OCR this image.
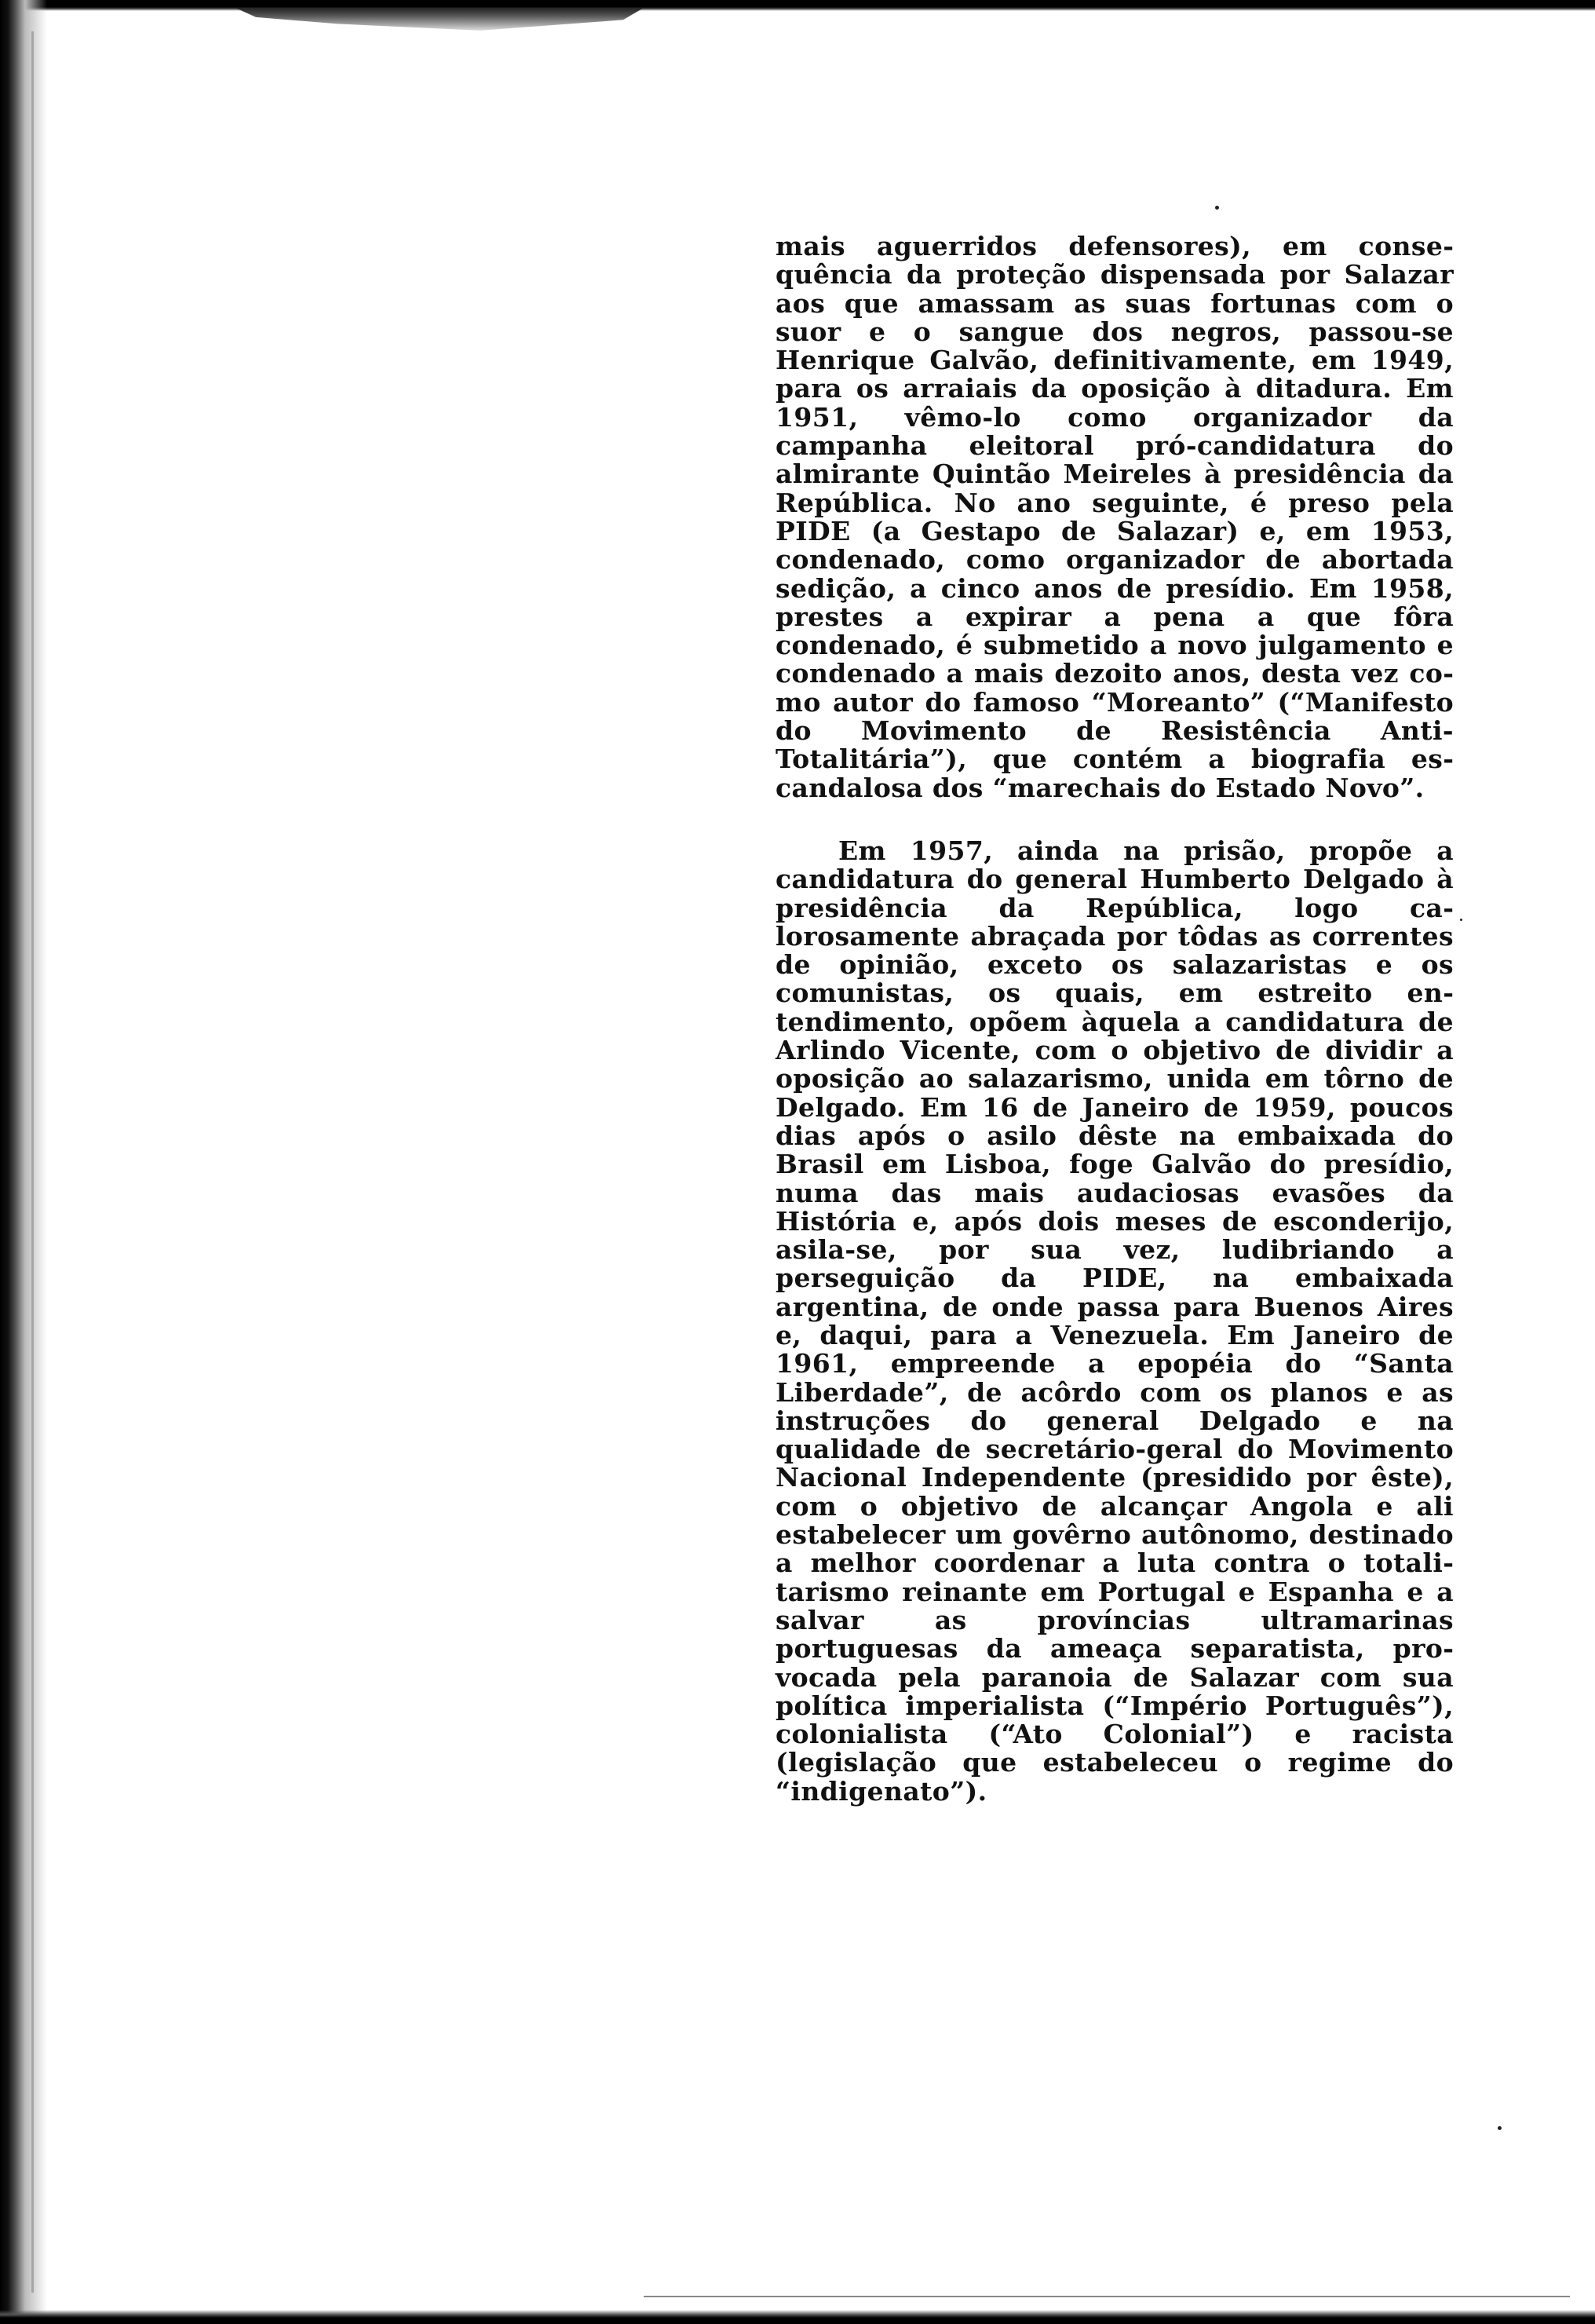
mais aguerridos defensores), em consequência da proteção dispensada por Salazar aos que amassam as suas fortunas com o suor e o sangue dos negros, passou-se Henrique Galvão, definitivamente, em 1949, para os arraiais da oposição à ditadura. Em 1951, vêmo-lo como organizador da campanha eleitoral pró-candidatura do almirante Quintão Meireles à presidência da República. No ano seguinte, é preso pela PIDE (a Gestapo de Salazar) e, em 1953, condenado, como organizador de abortada sedição, a cinco anos de presídio. Em 1958, prestes a expirar a pena a que fôra condenado, é submetido a novo julgamento e condenado a mais dezoito anos, desta vez como autor do famoso “Moreanto” (“Manifesto do Movimento de Resistência Anti-Totalitária”), que contém a biografia escandalosa dos “marechais do Estado Novo”.

Em 1957, ainda na prisão, propõe a candidatura do general Humberto Delgado à presidência da República, logo calorosamente abraçada por tôdas as correntes de opinião, exceto os salazaristas e os comunistas, os quais, em estreito entendimento, opõem àquela a candidatura de Arlindo Vicente, com o objetivo de dividir a oposição ao salazarismo, unida em tôrno de Delgado. Em 16 de Janeiro de 1959, poucos dias após o asilo dêste na embaixada do Brasil em Lisboa, foge Galvão do presídio, numa das mais audaciosas evasões da História e, após dois meses de esconderijo, asila-se, por sua vez, ludibriando a perseguição da PIDE, na embaixada argentina, de onde passa para Buenos Aires e, daqui, para a Venezuela. Em Janeiro de 1961, empreende a epopéia do “Santa Liberdade”, de acôrdo com os planos e as instruções do general Delgado e na qualidade de secretário-geral do Movimento Nacional Independente (presidido por êste), com o objetivo de alcançar Angola e ali estabelecer um govêrno autônomo, destinado a melhor coordenar a luta contra o totalitarismo reinante em Portugal e Espanha e a salvar as províncias ultramarinas portuguesas da ameaça separatista, provocada pela paranoia de Salazar com sua política imperialista (“Império Português”), colonialista (“Ato Colonial”) e racista (legislação que estabeleceu o regime do “indigenato”).
